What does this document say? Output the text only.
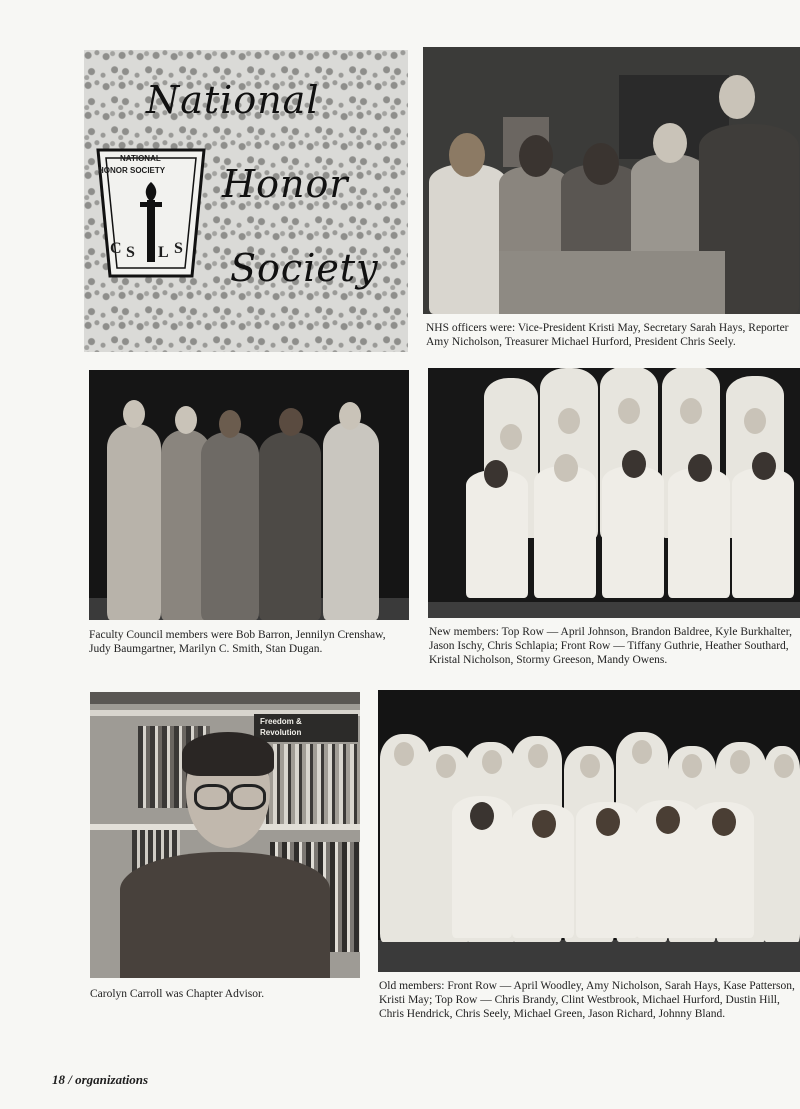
NATIONAL
HONOR SOCIETY
C S L S
National
Honor
Society
NHS officers were: Vice-President Kristi May, Secretary Sarah Hays, Reporter Amy Nicholson, Treasurer Michael Hurford, President Chris Seely.
Faculty Council members were Bob Barron, Jennilyn Crenshaw, Judy Baumgartner, Marilyn C. Smith, Stan Dugan.
New members: Top Row — April Johnson, Brandon Baldree, Kyle Burkhalter, Jason Ischy, Chris Schlapia; Front Row — Tiffany Guthrie, Heather Southard, Kristal Nicholson, Stormy Greeson, Mandy Owens.
Freedom &
Revolution
Carolyn Carroll was Chapter Advisor.
Old members: Front Row — April Woodley, Amy Nicholson, Sarah Hays, Kase Patterson, Kristi May; Top Row — Chris Brandy, Clint Westbrook, Michael Hurford, Dustin Hill, Chris Hendrick, Chris Seely, Michael Green, Jason Richard, Johnny Bland.
18 / organizations
